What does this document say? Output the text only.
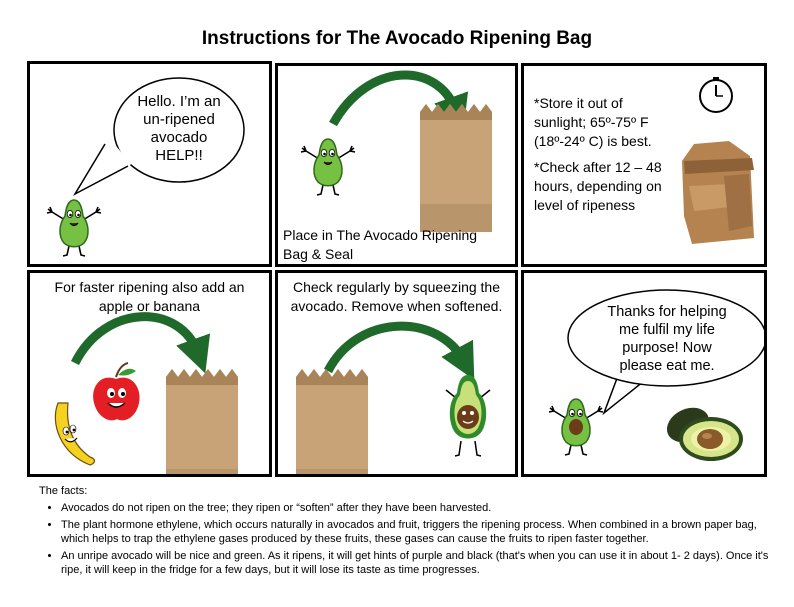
Instructions for The Avocado Ripening Bag
Hello. I’m an
un-ripened
avocado
HELP!!
Place in The Avocado Ripening
Bag & Seal
*Store it out of
sunlight; 65º-75º F
(18º-24º C) is best.
*Check after 12 – 48
hours, depending on
level of ripeness
For faster ripening also add an
apple or banana
Check regularly by squeezing the
avocado. Remove when softened.	Thanks for helping
me fulfil my life
purpose! Now
please eat me.
The facts:
• Avocados do not ripen on the tree; they ripen or “soften” after they have been harvested.
• The plant hormone ethylene, which occurs naturally in avocados and fruit, triggers the ripening process. When combined in a brown paper bag, which helps to trap the ethylene gases produced by these fruits, these gases can cause the fruits to ripen faster together.
• An unripe avocado will be nice and green. As it ripens, it will get hints of purple and black (that's when you can use it in about 1- 2 days). Once it's ripe, it will keep in the fridge for a few days, but it will lose its taste as time progresses.
